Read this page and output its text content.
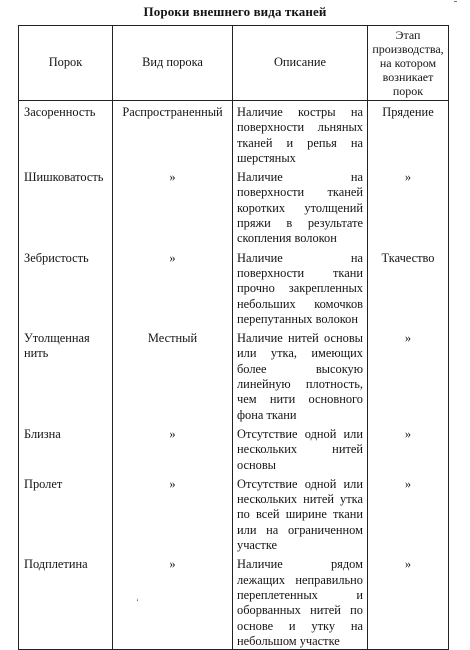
Пороки внешнего вида тканей
Порок	Вид порока	Описание	Этап производства, на котором возникает порок

Засоренность	Распространенный	Наличие костры на поверхности льняных тканей и репья на шерстяных	Прядение
Шишковатость	»	Наличие на поверхности тканей коротких утолщений пряжи в результате скопления волокон	»
Зебристость	»	Наличие на поверхности ткани прочно закрепленных небольших комочков перепутанных волокон	Ткачество
Утолщенная нить	Местный	Наличие нитей основы или утка, имеющих более высокую линейную плотность, чем нити основного фона ткани	»
Близна	»	Отсутствие одной или нескольких нитей основы	»
Пролет	»	Отсутствие одной или нескольких нитей утка по всей ширине ткани или на ограниченном участке	»
Подплетина	»	Наличие рядом лежащих неправильно переплетенных и оборванных нитей по основе и утку на небольшом участке	»
ʻ
